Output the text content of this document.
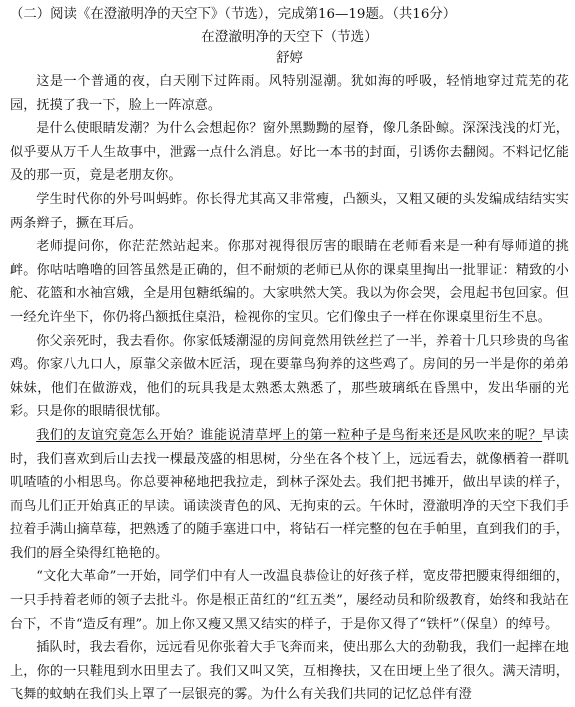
（二）阅读《在澄澈明净的天空下》（节选），完成第16—19题。（共16分）

在澄澈明净的天空下（节选）

舒婷

这是一个普通的夜，白天刚下过阵雨。风特别湿潮。犹如海的呼吸，轻悄地穿过荒芜的花园，抚摸了我一下，脸上一阵凉意。

是什么使眼睛发潮？为什么会想起你？窗外黑黝黝的屋脊，像几条卧鲸。深深浅浅的灯光，似乎要从万千人生故事中，泄露一点什么消息。好比一本书的封面，引诱你去翻阅。不料记忆能及的那一页，竟是老朋友你。

学生时代你的外号叫蚂蚱。你长得尤其高又非常瘦，凸额头，又粗又硬的头发编成结结实实两条辫子，撅在耳后。

老师提问你，你茫茫然站起来。你那对视得很厉害的眼睛在老师看来是一种有辱师道的挑衅。你咕咕噜噜的回答虽然是正确的，但不耐烦的老师已从你的课桌里掏出一批罪证：精致的小舵、花篮和水袖宫娥，全是用包糖纸编的。大家哄然大笑。我以为你会哭，会甩起书包回家。但一经允许坐下，你仍将凸额抵住桌沿，检视你的宝贝。它们像虫子一样在你课桌里衍生不息。

你父亲死时，我去看你。你家低矮潮湿的房间竟然用铁丝拦了一半，养着十几只珍贵的鸟雀鸡。你家八九口人，原靠父亲做木匠活，现在要靠鸟狗养的这些鸡了。房间的另一半是你的弟弟妹妹，他们在做游戏，他们的玩具我是太熟悉太熟悉了，那些玻璃纸在昏黑中，发出华丽的光彩。只是你的眼睛很忧郁。

我们的友谊究竟怎么开始？谁能说清草坪上的第一粒种子是鸟衔来还是风吹来的呢？早读时，我们喜欢到后山去找一棵最茂盛的相思树，分坐在各个枝丫上，远远看去，就像栖着一群叽叽喳喳的小相思鸟。你总要神秘地把我拉走，到林子深处去。我们把书摊开，做出早读的样子，而鸟儿们正开始真正的早读。诵读淡青色的风、无拘束的云。午休时，澄澈明净的天空下我们手拉着手满山摘草莓，把熟透了的随手塞进口中，将钻石一样完整的包在手帕里，直到我们的手，我们的唇全染得红艳艳的。

“文化大革命”一开始，同学们中有人一改温良恭俭让的好孩子样，宽皮带把腰束得细细的，一只手持着老师的领子去批斗。你是根正苗红的“红五类”，屡经动员和阶级教育，始终和我站在台下，不肯“造反有理”。加上你又瘦又黑又结实的样子，于是你又得了“铁杆”（保皇）的绰号。

插队时，我去看你，远远看见你张着大手飞奔而来，使出那么大的劲勒我，我们一起摔在地上，你的一只鞋甩到水田里去了。我们又叫又笑，互相搀扶，又在田埂上坐了很久。满天清明，飞舞的蚊蚋在我们头上罩了一层银亮的雾。为什么有关我们共同的记忆总伴有澄
